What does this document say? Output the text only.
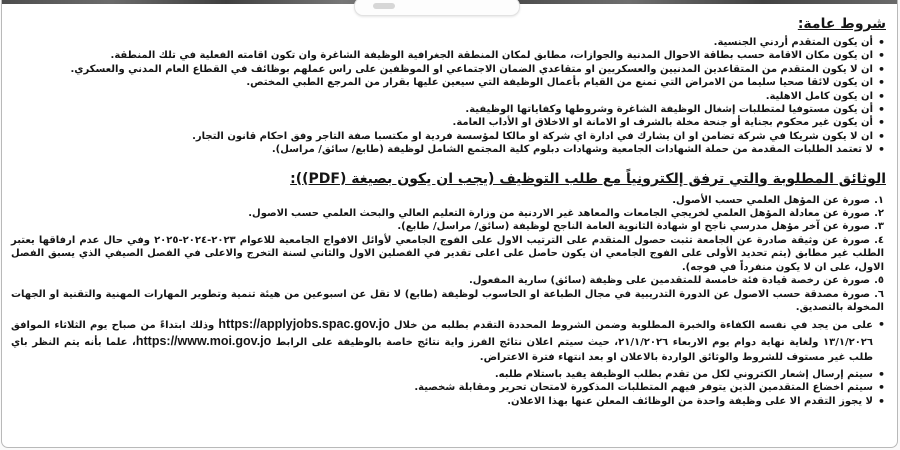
شروط عامة:
• أن يكون المتقدم أردني الجنسية.
• ان يكون مكان الاقامة حسب بطاقة الاحوال المدنية والجوازات، مطابق لمكان المنطقة الجغرافية الوظيفة الشاغرة وان تكون اقامته الفعلية في تلك المنطقة.
• ان لا يكون المتقدم من المتقاعدين المدنيين والعسكريين او متقاعدي الضمان الاجتماعي او الموظفين على راس عملهم بوظائف في القطاع العام المدني والعسكري.
• ان يكون لائقا صحيا سليما من الامراض التي تمنع من القيام بأعمال الوظيفة التي سيعين عليها بقرار من المرجع الطبي المختص.
• ان يكون كامل الاهلية.
• أن يكون مستوفيا لمتطلبات إشغال الوظيفة الشاغرة وشروطها وكفاياتها الوظيفية.
• أن يكون غير محكوم بجناية أو جنحة مخلة بالشرف او الامانة او الاخلاق او الأداب العامة.
• ان لا يكون شريكا في شركة تضامن او ان يشارك في ادارة اي شركة او مالكا لمؤسسة فردية او مكتسبا صفة التاجر وفق احكام قانون التجار.
• لا تعتمد الطلبات المقدمة من حملة الشهادات الجامعية وشهادات دبلوم كلية المجتمع الشامل لوظيفة (طابع/ سائق/ مراسل).
الوثائق المطلوبة والتي ترفق إلكترونياً مع طلب التوظيف (يجب ان يكون بصيغة (PDF)):
١.صورة عن المؤهل العلمي حسب الأصول.
٢.صورة عن معادلة المؤهل العلمي لخريجي الجامعات والمعاهد غير الاردنية من وزارة التعليم العالي والبحث العلمي حسب الاصول.
٣.صورة عن آخر مؤهل مدرسي ناجح او شهادة الثانوية العامة الناجح لوظيفة (سائق/ مراسل/ طابع).
٤.صورة عن وثيقة صادرة عن الجامعة تثبت حصول المتقدم على الترتيب الاول على الفوج الجامعي لأوائل الافواج الجامعية للاعوام ٢٠٢٣-٢٠٢٤-٢٠٢٥ وفي حال عدم ارفاقها يعتبر الطلب غير مطابق (يتم تحديد الأولى على الفوج الجامعي ان يكون حاصل على اعلى تقدير في الفصلين الاول والثاني لسنة التخرج والاعلى في الفصل الصيفي الذي يسبق الفصل الاول، على ان لا يكون منفرداً في فوجه).
٥.صورة عن رخصة قيادة فئة خامسة للمتقدمين على وظيفة (سائق) سارية المفعول.
٦.صورة مصدقة حسب الاصول عن الدورة التدريبية في مجال الطباعة او الحاسوب لوظيفة (طابع) لا تقل عن اسبوعين من هيئة تنمية وتطوير المهارات المهنية والتقنية او الجهات المخولة بالتصديق.
• على من يجد في نفسه الكفاءة والخبرة المطلوبة وضمن الشروط المحددة التقدم بطلبه من خلال https://applyjobs.spac.gov.jo وذلك ابتداءً من صباح يوم الثلاثاء الموافق ١٣/١/٢٠٢٦ ولغاية نهاية دوام يوم الاربعاء ٢١/١/٢٠٢٦، حيث سيتم اعلان نتائج الفرز واية نتائج خاصة بالوظيفة على الرابط https://www.moi.gov.jo، علما بأنه يتم النظر باي طلب غير مستوف للشروط والوثائق الواردة بالاعلان او بعد انتهاء فترة الاعتراض.
• سيتم إرسال إشعار الكتروني لكل من تقدم بطلب الوظيفة يفيد باستلام طلبه.
• سيتم اخضاع المتقدمين الذين يتوفر فيهم المتطلبات المذكورة لامتحان تحرير ومقابلة شخصية.
• لا يجوز التقدم الا على وظيفة واحدة من الوظائف المعلن عنها بهذا الاعلان.
